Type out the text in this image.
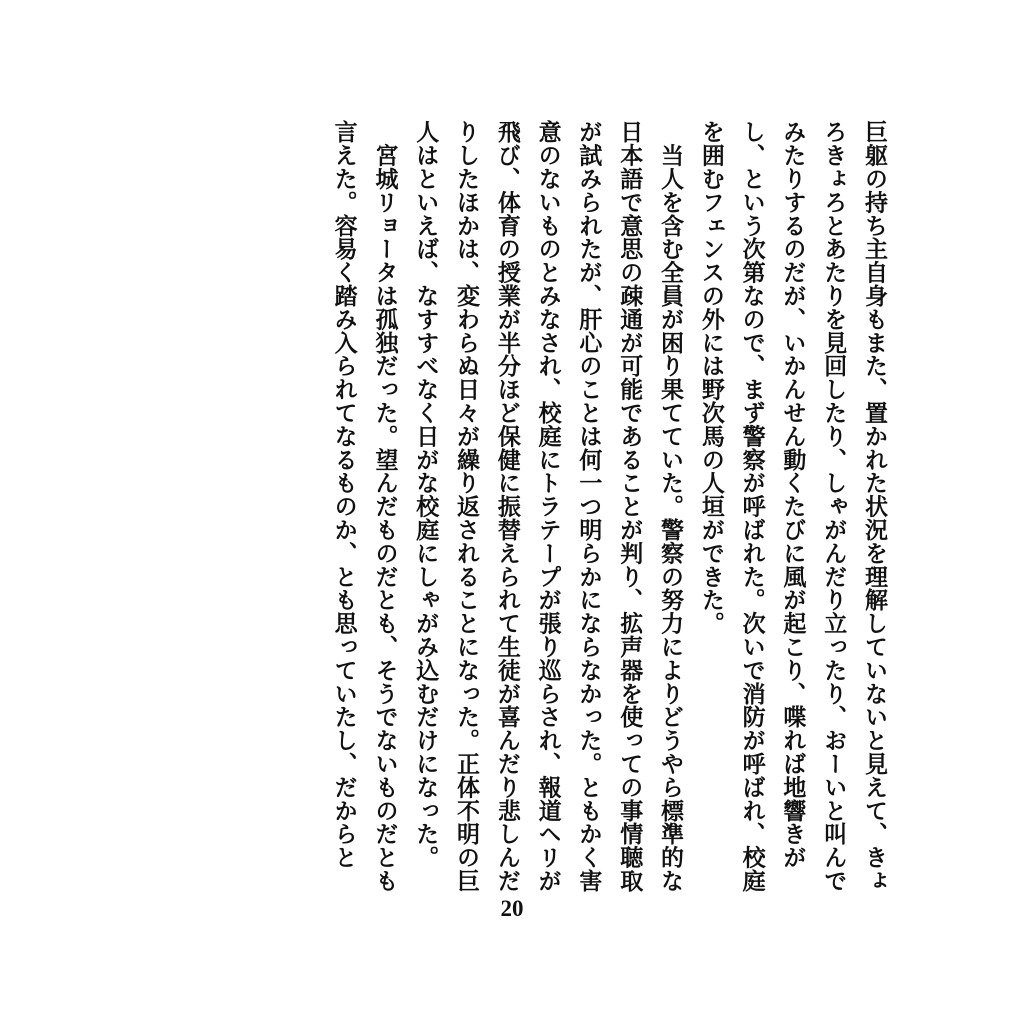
巨躯の持ち主自身もまた、置かれた状況を理解していないと見えて、きょ
ろきょろとあたりを見回したり、しゃがんだり立ったり、おーいと叫んで
みたりするのだが、いかんせん動くたびに風が起こり、喋れば地響きが
し、という次第なので、まず警察が呼ばれた。次いで消防が呼ばれ、校庭
を囲むフェンスの外には野次馬の人垣ができた。
　当人を含む全員が困り果てていた。警察の努力によりどうやら標準的な
日本語で意思の疎通が可能であることが判り、拡声器を使っての事情聴取
が試みられたが、肝心のことは何一つ明らかにならなかった。ともかく害
意のないものとみなされ、校庭にトラテープが張り巡らされ、報道ヘリが
飛び、体育の授業が半分ほど保健に振替えられて生徒が喜んだり悲しんだ
りしたほかは、変わらぬ日々が繰り返されることになった。正体不明の巨
人はといえば、なすすべなく日がな校庭にしゃがみ込むだけになった。
　宮城リョータは孤独だった。望んだものだとも、そうでないものだとも
言えた。容易く踏み入られてなるものか、とも思っていたし、だからと
20
